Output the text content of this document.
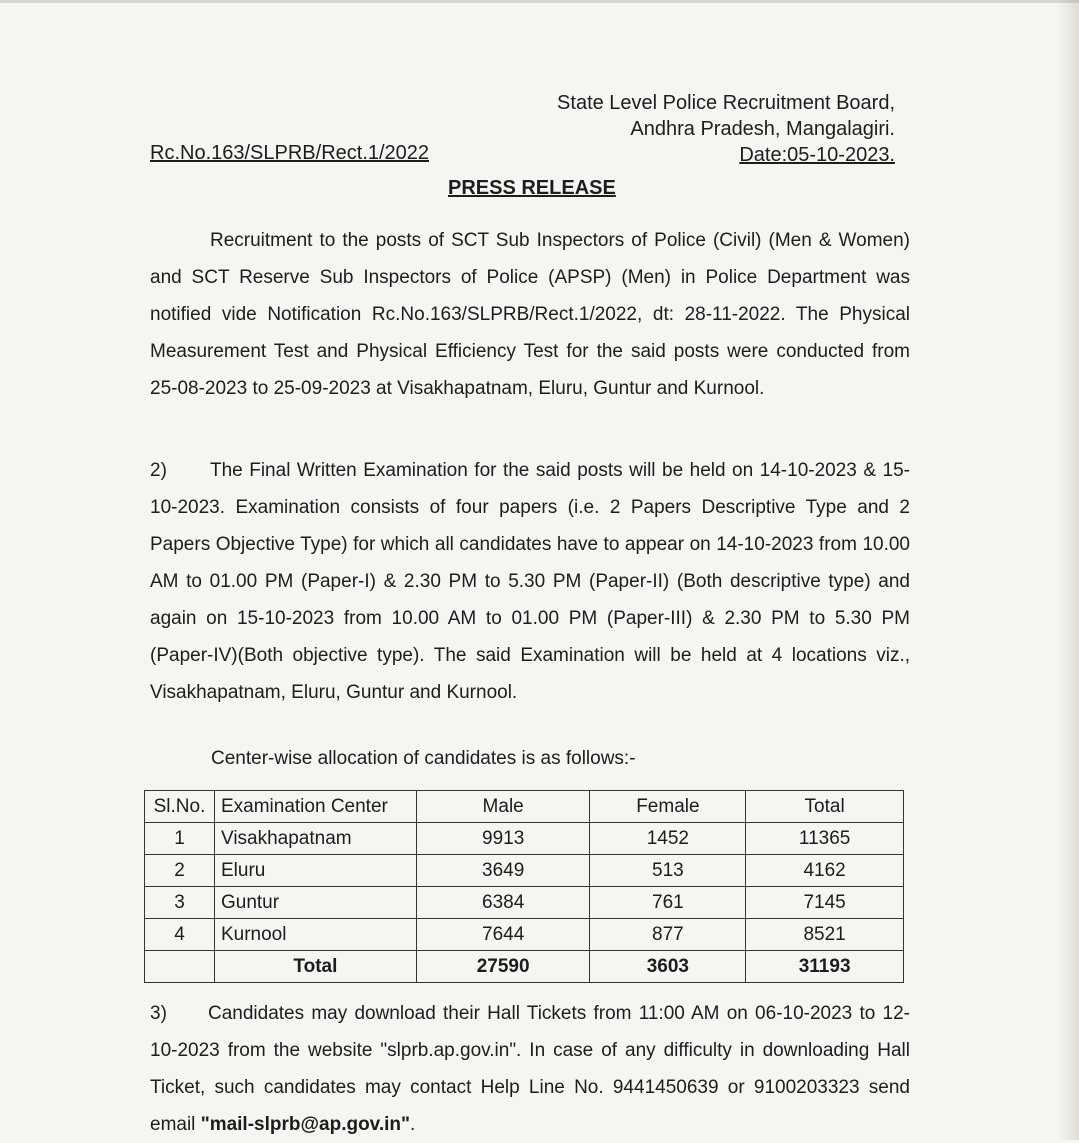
State Level Police Recruitment Board,
Andhra Pradesh, Mangalagiri.
Date:05-10-2023.
Rc.No.163/SLPRB/Rect.1/2022
PRESS RELEASE
Recruitment to the posts of SCT Sub Inspectors of Police (Civil) (Men & Women) and SCT Reserve Sub Inspectors of Police (APSP) (Men) in Police Department was notified vide Notification Rc.No.163/SLPRB/Rect.1/2022, dt: 28-11-2022. The Physical Measurement Test and Physical Efficiency Test for the said posts were conducted from 25-08-2023 to 25-09-2023 at Visakhapatnam, Eluru, Guntur and Kurnool.
2) The Final Written Examination for the said posts will be held on 14-10-2023 & 15-10-2023. Examination consists of four papers (i.e. 2 Papers Descriptive Type and 2 Papers Objective Type) for which all candidates have to appear on 14-10-2023 from 10.00 AM to 01.00 PM (Paper-I) & 2.30 PM to 5.30 PM (Paper-II) (Both descriptive type) and again on 15-10-2023 from 10.00 AM to 01.00 PM (Paper-III) & 2.30 PM to 5.30 PM (Paper-IV)(Both objective type). The said Examination will be held at 4 locations viz., Visakhapatnam, Eluru, Guntur and Kurnool.
Center-wise allocation of candidates is as follows:-
Sl.No.	Examination Center	Male	Female	Total
1	Visakhapatnam	9913	1452	11365
2	Eluru	3649	513	4162
3	Guntur	6384	761	7145
4	Kurnool	7644	877	8521
	Total	27590	3603	31193
3) Candidates may download their Hall Tickets from 11:00 AM on 06-10-2023 to 12-10-2023 from the website "slprb.ap.gov.in". In case of any difficulty in downloading Hall Ticket, such candidates may contact Help Line No. 9441450639 or 9100203323 send email "mail-slprb@ap.gov.in".
